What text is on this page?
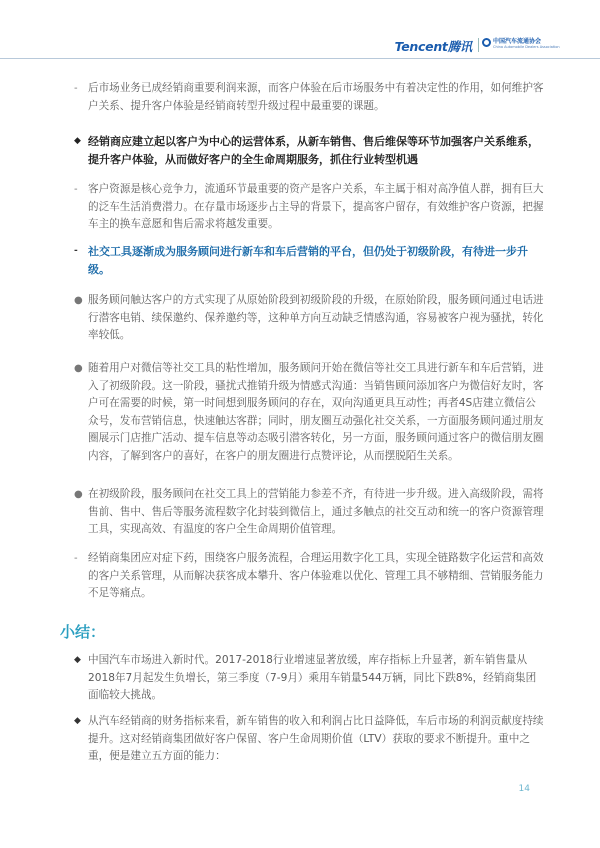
Tencent腾讯	中国汽车流通协会
China Automobile Dealers Association
- 后市场业务已成经销商重要利润来源，而客户体验在后市场服务中有着决定性的作用，如何维护客户关系、提升客户体验是经销商转型升级过程中最重要的课题。
◆ 经销商应建立起以客户为中心的运营体系，从新车销售、售后维保等环节加强客户关系维系，提升客户体验，从而做好客户的全生命周期服务，抓住行业转型机遇
- 客户资源是核心竞争力，流通环节最重要的资产是客户关系，车主属于相对高净值人群，拥有巨大的泛车生活消费潜力。在存量市场逐步占主导的背景下，提高客户留存，有效维护客户资源，把握车主的换车意愿和售后需求将越发重要。
- 社交工具逐渐成为服务顾问进行新车和车后营销的平台，但仍处于初级阶段，有待进一步升级。
● 服务顾问触达客户的方式实现了从原始阶段到初级阶段的升级，在原始阶段，服务顾问通过电话进行潜客电销、续保邀约、保养邀约等，这种单方向互动缺乏情感沟通，容易被客户视为骚扰，转化率较低。
● 随着用户对微信等社交工具的粘性增加，服务顾问开始在微信等社交工具进行新车和车后营销，进入了初级阶段。这一阶段，骚扰式推销升级为情感式沟通：当销售顾问添加客户为微信好友时，客户可在需要的时候，第一时间想到服务顾问的存在，双向沟通更具互动性；再者4S店建立微信公众号，发布营销信息，快速触达客群；同时，朋友圈互动强化社交关系，一方面服务顾问通过朋友圈展示门店推广活动、提车信息等动态吸引潜客转化，另一方面，服务顾问通过客户的微信朋友圈内容，了解到客户的喜好，在客户的朋友圈进行点赞评论，从而摆脱陌生关系。
● 在初级阶段，服务顾问在社交工具上的营销能力参差不齐，有待进一步升级。进入高级阶段，需将售前、售中、售后等服务流程数字化封装到微信上，通过多触点的社交互动和统一的客户资源管理工具，实现高效、有温度的客户全生命周期价值管理。
- 经销商集团应对症下药，围绕客户服务流程，合理运用数字化工具，实现全链路数字化运营和高效的客户关系管理，从而解决获客成本攀升、客户体验难以优化、管理工具不够精细、营销服务能力不足等痛点。
小结：
◆ 中国汽车市场进入新时代。2017-2018行业增速显著放缓，库存指标上升显著，新车销售量从2018年7月起发生负增长，第三季度（7-9月）乘用车销量544万辆，同比下跌8%，经销商集团面临较大挑战。
◆ 从汽车经销商的财务指标来看，新车销售的收入和利润占比日益降低，车后市场的利润贡献度持续提升。这对经销商集团做好客户保留、客户生命周期价值（LTV）获取的要求不断提升。重中之重，便是建立五方面的能力：
14
